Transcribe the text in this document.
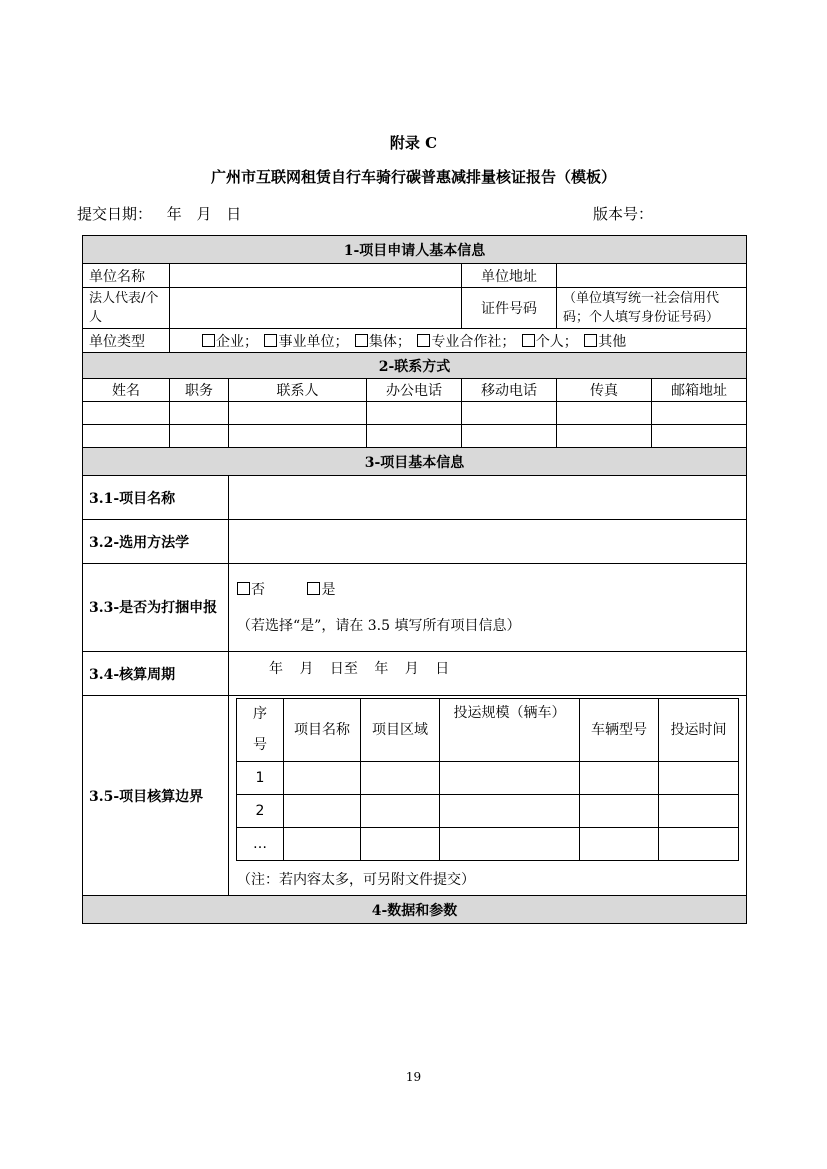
附录 C
广州市互联网租赁自行车骑行碳普惠减排量核证报告（模板）
提交日期： 年 月 日	版本号：
1-项目申请人基本信息
单位名称		单位地址	
法人代表/个人		证件号码	（单位填写统一社会信用代码；个人填写身份证号码）
单位类型	企业； 事业单位； 集体； 专业合作社； 个人； 其他
2-联系方式
姓名	职务	联系人	办公电话	移动电话	传真	邮箱地址

3-项目基本信息
3.1-项目名称	
3.2-选用方法学	
3.3-是否为打捆申报	
否	是
（若选择“是”，请在 3.5 填写所有项目信息）

3.4-核算周期	年 月 日至 年 月 日
3.5-项目核算边界	
序号	项目名称	项目区域	投运规模（辆车）	车辆型号	投运时间
1					
2					
…					
（注：若内容太多，可另附文件提交）

4-数据和参数
19
